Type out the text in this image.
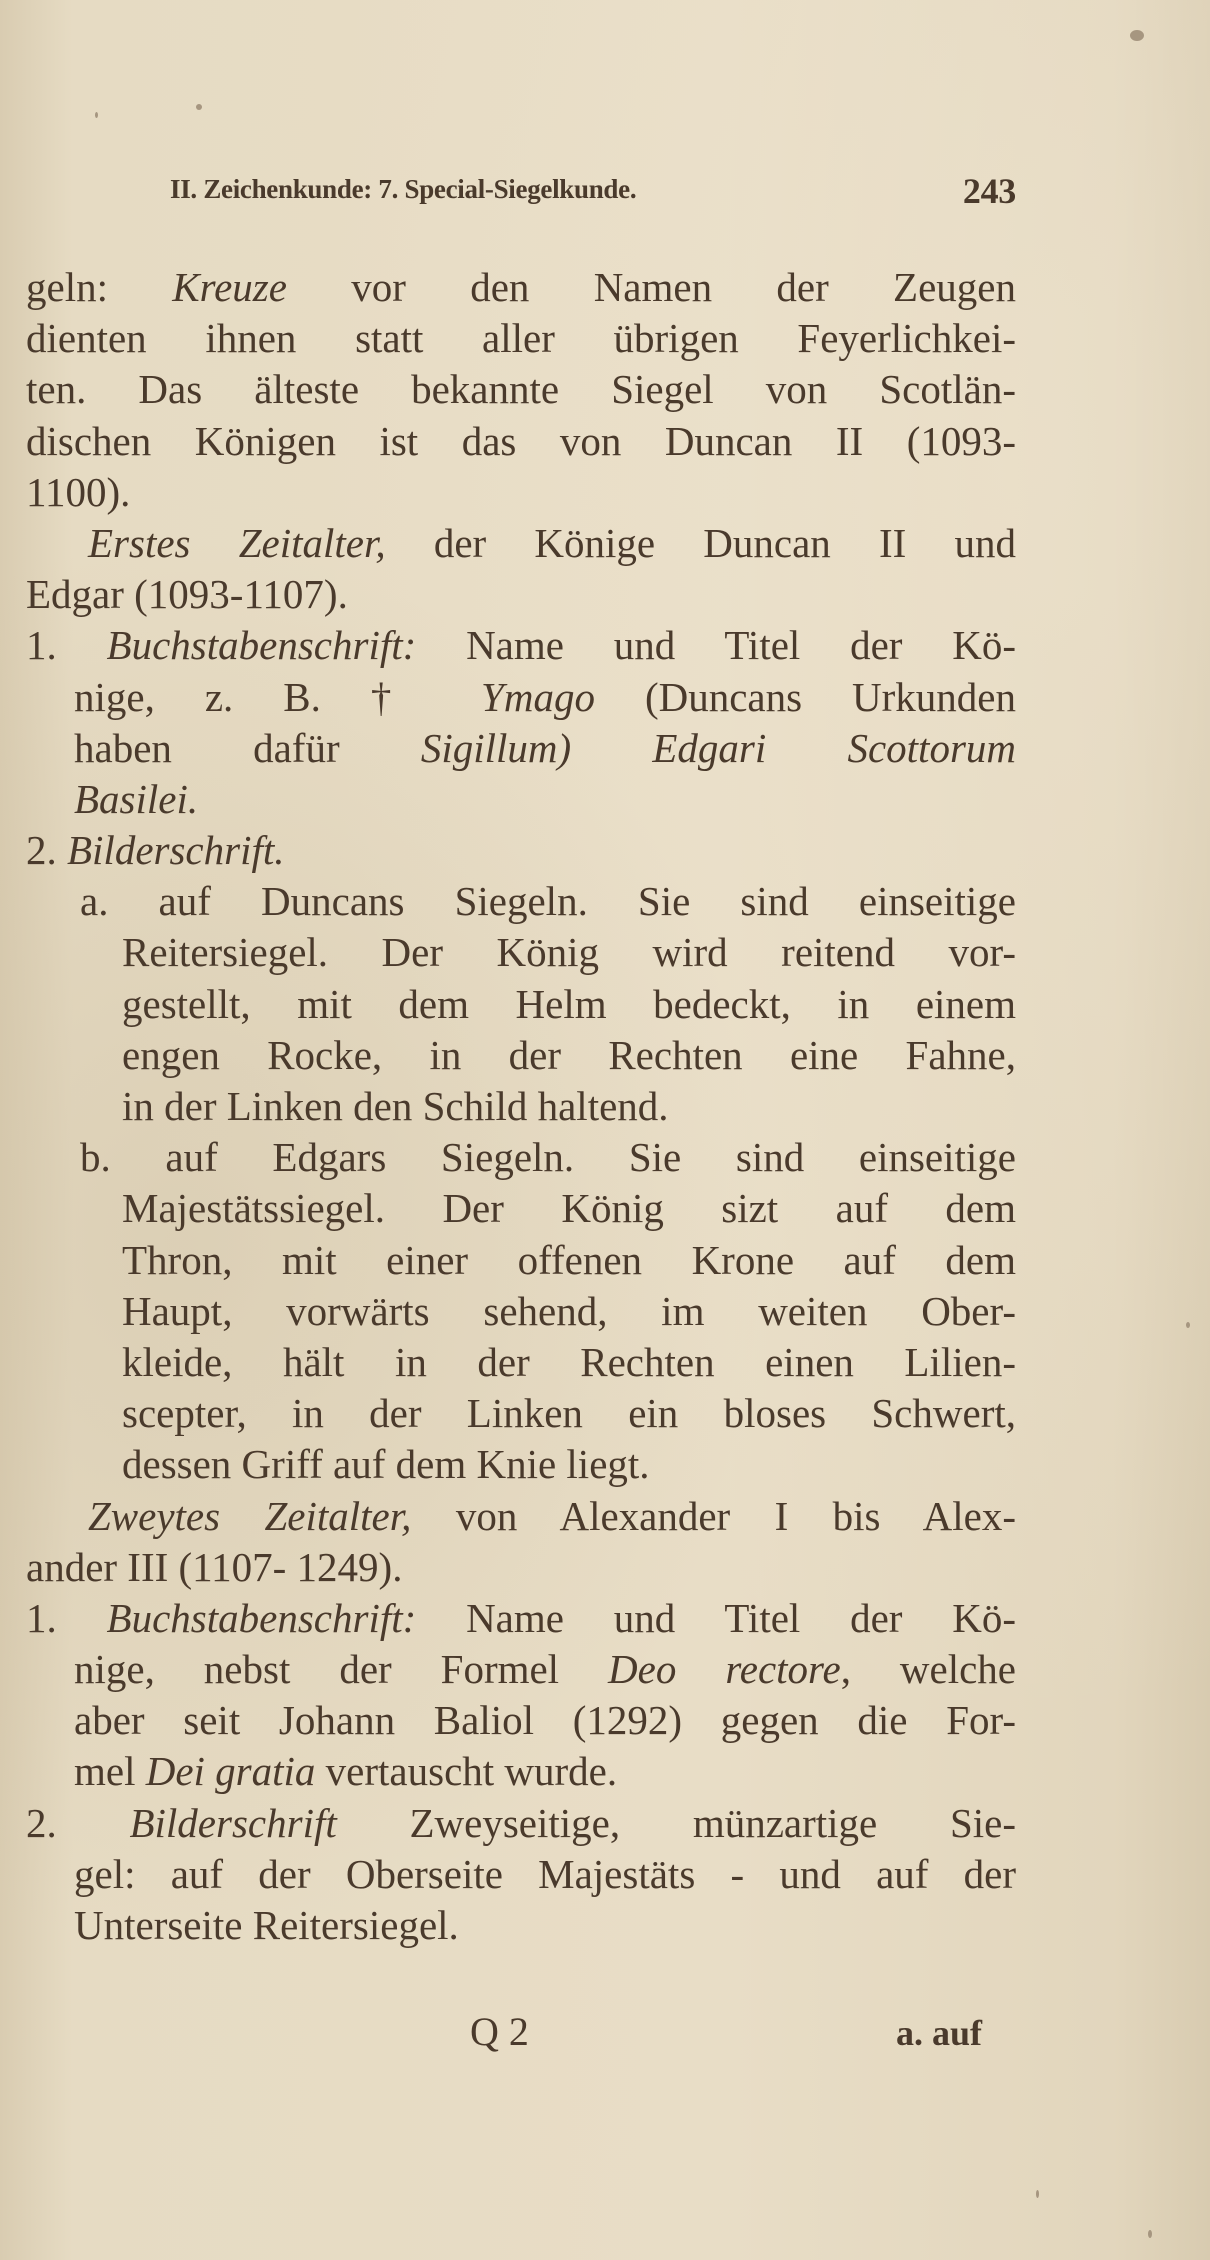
II. Zeichenkunde: 7. Special-Siegelkunde.	243
geln: Kreuze vor den Namen der Zeugen
dienten ihnen statt aller übrigen Feyerlichkei-
ten. Das älteste bekannte Siegel von Scotlän-
dischen Königen ist das von Duncan II (1093-
1100).
Erstes Zeitalter, der Könige Duncan II und
Edgar (1093-1107).
1. Buchstabenschrift: Name und Titel der Kö-
nige, z. B. † Ymago (Duncans Urkunden
haben dafür Sigillum) Edgari Scottorum
Basilei.
2. Bilderschrift.
a. auf Duncans Siegeln. Sie sind einseitige
Reitersiegel. Der König wird reitend vor-
gestellt, mit dem Helm bedeckt, in einem
engen Rocke, in der Rechten eine Fahne,
in der Linken den Schild haltend.
b. auf Edgars Siegeln. Sie sind einseitige
Majestätssiegel. Der König sizt auf dem
Thron, mit einer offenen Krone auf dem
Haupt, vorwärts sehend, im weiten Ober-
kleide, hält in der Rechten einen Lilien-
scepter, in der Linken ein bloses Schwert,
dessen Griff auf dem Knie liegt.
Zweytes Zeitalter, von Alexander I bis Alex-
ander III (1107- 1249).
1. Buchstabenschrift: Name und Titel der Kö-
nige, nebst der Formel Deo rectore, welche
aber seit Johann Baliol (1292) gegen die For-
mel Dei gratia vertauscht wurde.
2. Bilderschrift Zweyseitige, münzartige Sie-
gel: auf der Oberseite Majestäts - und auf der
Unterseite Reitersiegel.
Q 2	a. auf
